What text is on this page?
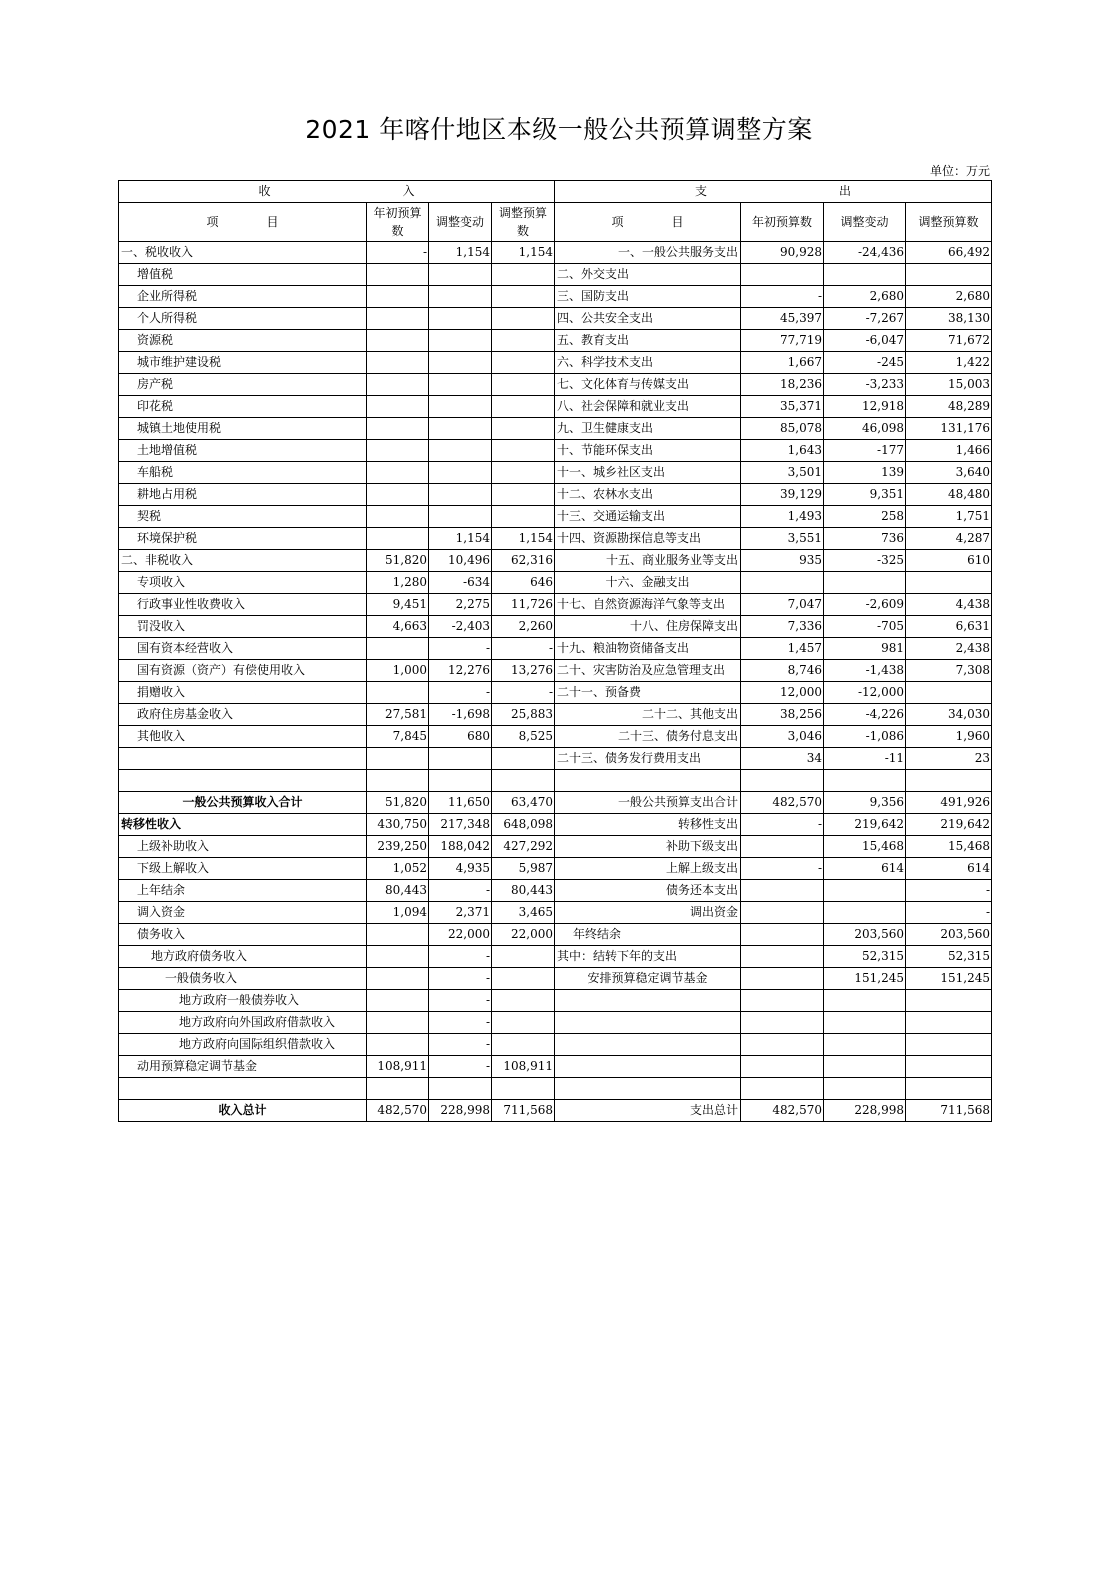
2021 年喀什地区本级一般公共预算调整方案
单位：万元
收　　　　　　　　　　　入				支　　　　　　　　　　　出			
项　　　　目	年初预算数	调整变动	调整预算数	项　　　　目	年初预算数	调整变动	调整预算数
一、税收收入	-	1,154	1,154	一、一般公共服务支出	90,928	-24,436	66,492
增值税				二、外交支出			
企业所得税				三、国防支出	-	2,680	2,680
个人所得税				四、公共安全支出	45,397	-7,267	38,130
资源税				五、教育支出	77,719	-6,047	71,672
城市维护建设税				六、科学技术支出	1,667	-245	1,422
房产税				七、文化体育与传媒支出	18,236	-3,233	15,003
印花税				八、社会保障和就业支出	35,371	12,918	48,289
城镇土地使用税				九、卫生健康支出	85,078	46,098	131,176
土地增值税				十、节能环保支出	1,643	-177	1,466
车船税				十一、城乡社区支出	3,501	139	3,640
耕地占用税				十二、农林水支出	39,129	9,351	48,480
契税				十三、交通运输支出	1,493	258	1,751
环境保护税		1,154	1,154	十四、资源勘探信息等支出	3,551	736	4,287
二、非税收入	51,820	10,496	62,316	十五、商业服务业等支出	935	-325	610
专项收入	1,280	-634	646	十六、金融支出			
行政事业性收费收入	9,451	2,275	11,726	十七、自然资源海洋气象等支出	7,047	-2,609	4,438
罚没收入	4,663	-2,403	2,260	十八、住房保障支出	7,336	-705	6,631
国有资本经营收入		-	-	十九、粮油物资储备支出	1,457	981	2,438
国有资源（资产）有偿使用收入	1,000	12,276	13,276	二十、灾害防治及应急管理支出	8,746	-1,438	7,308
捐赠收入		-	-	二十一、预备费	12,000	-12,000	
政府住房基金收入	27,581	-1,698	25,883	二十二、其他支出	38,256	-4,226	34,030
其他收入	7,845	680	8,525	二十三、债务付息支出	3,046	-1,086	1,960
				二十三、债务发行费用支出	34	-11	23

一般公共预算收入合计	51,820	11,650	63,470	一般公共预算支出合计	482,570	9,356	491,926
转移性收入	430,750	217,348	648,098	转移性支出	-	219,642	219,642
上级补助收入	239,250	188,042	427,292	补助下级支出		15,468	15,468
下级上解收入	1,052	4,935	5,987	上解上级支出	-	614	614
上年结余	80,443	-	80,443	债务还本支出			-
调入资金	1,094	2,371	3,465	调出资金			-
债务收入		22,000	22,000	年终结余		203,560	203,560
地方政府债务收入		-		其中：结转下年的支出		52,315	52,315
一般债务收入		-		安排预算稳定调节基金		151,245	151,245
地方政府一般债券收入		-					
地方政府向外国政府借款收入		-					
地方政府向国际组织借款收入		-					
动用预算稳定调节基金	108,911	-	108,911				

收入总计	482,570	228,998	711,568	支出总计	482,570	228,998	711,568
